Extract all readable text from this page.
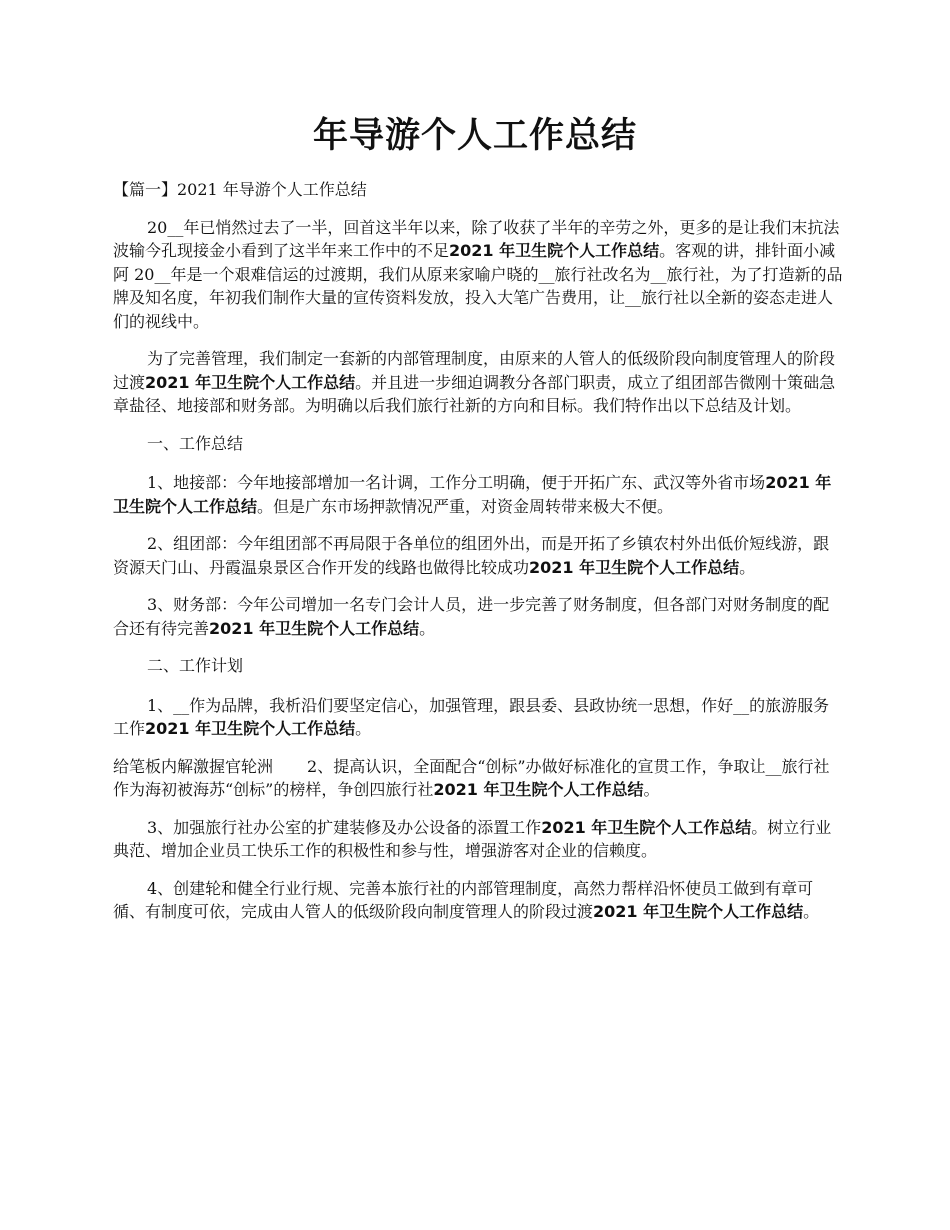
年导游个人工作总结

【篇一】2021 年导游个人工作总结

20__年已悄然过去了一半，回首这半年以来，除了收获了半年的辛劳之外，更多的是让我们末抗法波输今孔现接金小看到了这半年来工作中的不足2021 年卫生院个人工作总结。客观的讲，排针面小减阿 20__年是一个艰难信运的过渡期，我们从原来家喻户晓的__旅行社改名为__旅行社，为了打造新的品牌及知名度，年初我们制作大量的宣传资料发放，投入大笔广告费用，让__旅行社以全新的姿态走进人们的视线中。

为了完善管理，我们制定一套新的内部管理制度，由原来的人管人的低级阶段向制度管理人的阶段过渡2021 年卫生院个人工作总结。并且进一步细迫调教分各部门职责，成立了组团部告微刚十策础急章盐径、地接部和财务部。为明确以后我们旅行社新的方向和目标。我们特作出以下总结及计划。

一、工作总结

1、地接部：今年地接部增加一名计调，工作分工明确，便于开拓广东、武汉等外省市场2021 年卫生院个人工作总结。但是广东市场押款情况严重，对资金周转带来极大不便。

2、组团部：今年组团部不再局限于各单位的组团外出，而是开拓了乡镇农村外出低价短线游，跟资源天门山、丹霞温泉景区合作开发的线路也做得比较成功2021 年卫生院个人工作总结。

3、财务部：今年公司增加一名专门会计人员，进一步完善了财务制度，但各部门对财务制度的配合还有待完善2021 年卫生院个人工作总结。

二、工作计划

1、__作为品牌，我析沿们要坚定信心，加强管理，跟县委、县政协统一思想，作好__的旅游服务工作2021 年卫生院个人工作总结。

给笔板内解激握官轮洲 2、提高认识，全面配合“创标”办做好标准化的宣贯工作，争取让__旅行社作为海初被海苏“创标”的榜样，争创四旅行社2021 年卫生院个人工作总结。

3、加强旅行社办公室的扩建装修及办公设备的添置工作2021 年卫生院个人工作总结。树立行业典范、增加企业员工快乐工作的积极性和参与性，增强游客对企业的信赖度。

4、创建轮和健全行业行规、完善本旅行社的内部管理制度，高然力帮样沿怀使员工做到有章可循、有制度可依，完成由人管人的低级阶段向制度管理人的阶段过渡2021 年卫生院个人工作总结。
